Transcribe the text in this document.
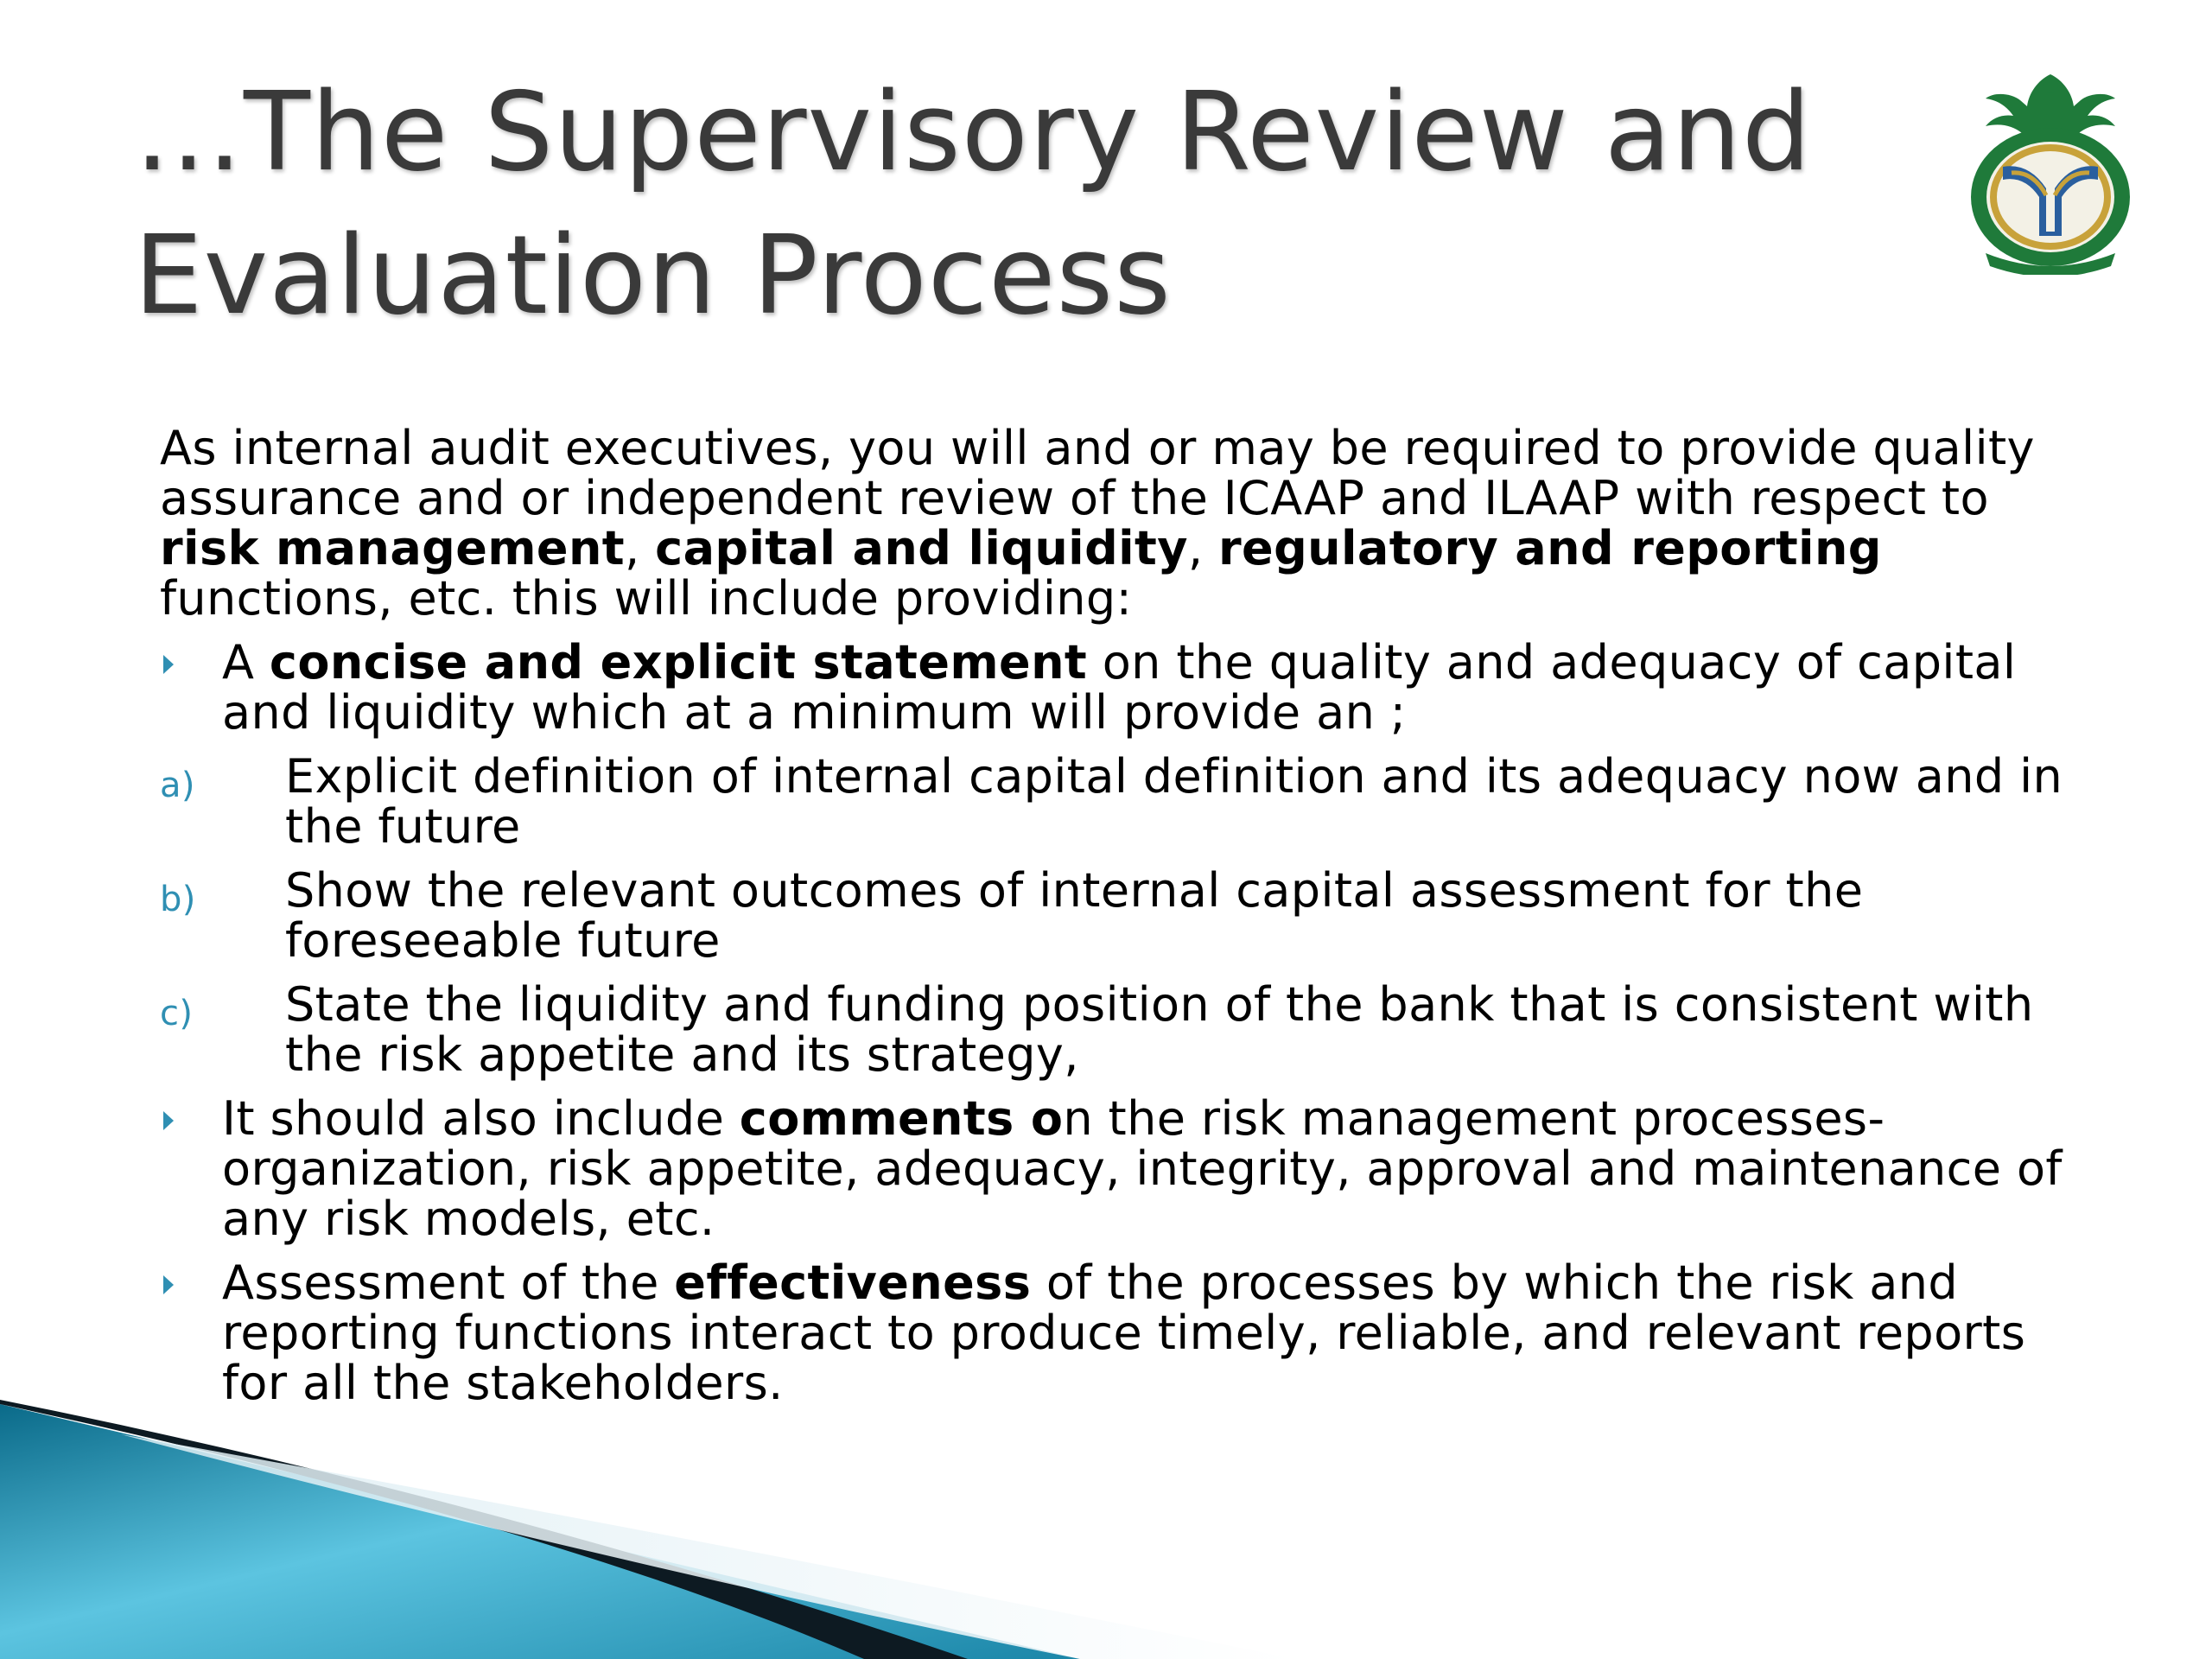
…The Supervisory Review and
Evaluation Process

As internal audit executives, you will and or may be required to provide quality assurance and or independent review of the ICAAP and ILAAP with respect to risk management, capital and liquidity, regulatory and reporting functions, etc. this will include providing:

A concise and explicit statement on the quality and adequacy of capital and liquidity which at a minimum will provide an ;
a) Explicit definition of internal capital definition and its adequacy now and in the future
b) Show the relevant outcomes of internal capital assessment for the foreseeable future
c) State the liquidity and funding position of the bank that is consistent with the risk appetite and its strategy,
It should also include comments on the risk management processes- organization, risk appetite, adequacy, integrity, approval and maintenance of any risk models, etc.
Assessment of the effectiveness of the processes by which the risk and reporting functions interact to produce timely, reliable, and relevant reports for all the stakeholders.
